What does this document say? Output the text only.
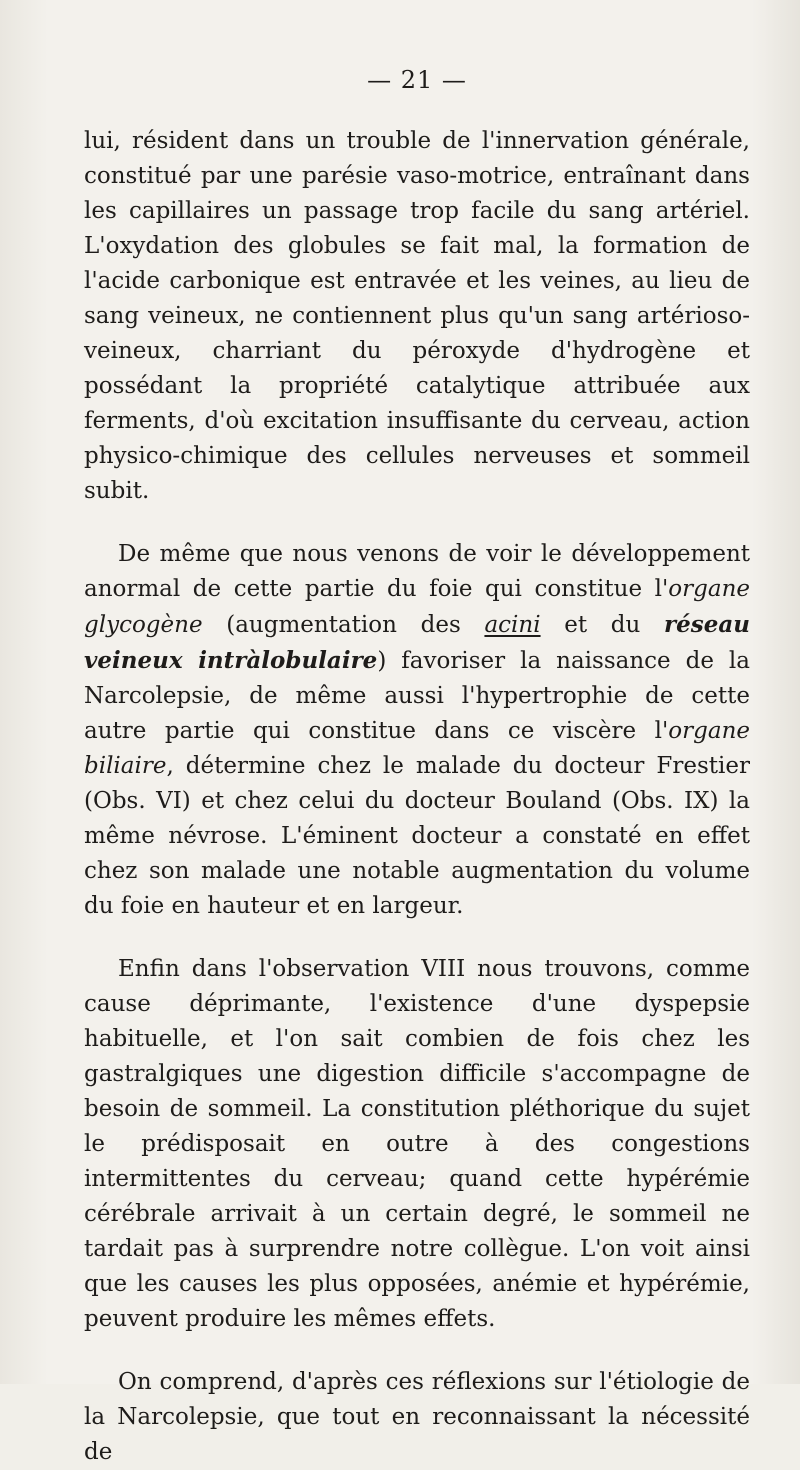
— 21 —

lui, résident dans un trouble de l'innervation générale, constitué par une parésie vaso-motrice, entraînant dans les capillaires un passage trop facile du sang artériel. L'oxydation des globules se fait mal, la formation de l'acide carbonique est entravée et les veines, au lieu de sang veineux, ne contiennent plus qu'un sang artérioso-veineux, charriant du péroxyde d'hydrogène et possédant la propriété catalytique attribuée aux ferments, d'où excitation insuffisante du cerveau, action physico-chimique des cellules nerveuses et sommeil subit.

De même que nous venons de voir le développement anormal de cette partie du foie qui constitue l'organe glycogène (augmentation des acini et du réseau veineux intràlobulaire) favoriser la naissance de la Narcolepsie, de même aussi l'hypertrophie de cette autre partie qui constitue dans ce viscère l'organe biliaire, détermine chez le malade du docteur Frestier (Obs. VI) et chez celui du docteur Bouland (Obs. IX) la même névrose. L'éminent docteur a constaté en effet chez son malade une notable augmentation du volume du foie en hauteur et en largeur.

Enfin dans l'observation VIII nous trouvons, comme cause déprimante, l'existence d'une dyspepsie habituelle, et l'on sait combien de fois chez les gastralgiques une digestion difficile s'accompagne de besoin de sommeil. La constitution pléthorique du sujet le prédisposait en outre à des congestions intermittentes du cerveau; quand cette hypérémie cérébrale arrivait à un certain degré, le sommeil ne tardait pas à surprendre notre collègue. L'on voit ainsi que les causes les plus opposées, anémie et hypérémie, peuvent produire les mêmes effets.

On comprend, d'après ces réflexions sur l'étiologie de la Narcolepsie, que tout en reconnaissant la nécessité de
